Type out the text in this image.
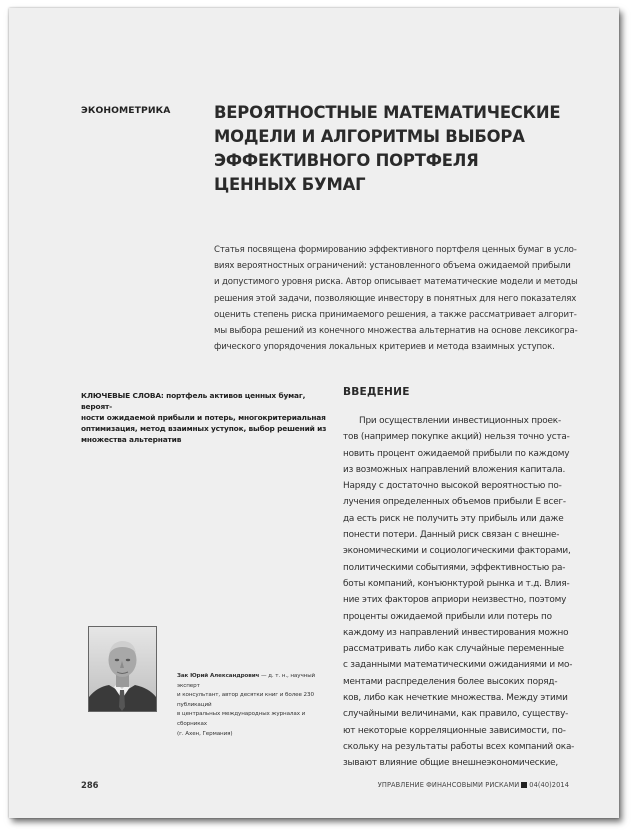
ЭКОНОМЕТРИКА	ВЕРОЯТНОСТНЫЕ МАТЕМАТИЧЕСКИЕ
МОДЕЛИ И АЛГОРИТМЫ ВЫБОРА
ЭФФЕКТИВНОГО ПОРТФЕЛЯ
ЦЕННЫХ БУМАГ
Статья посвящена формированию эффективного портфеля ценных бумаг в усло-
виях вероятностных ограничений: установленного объема ожидаемой прибыли
и допустимого уровня риска. Автор описывает математические модели и методы
решения этой задачи, позволяющие инвестору в понятных для него показателях
оценить степень риска принимаемого решения, а также рассматривает алгорит-
мы выбора решений из конечного множества альтернатив на основе лексикогра-
фического упорядочения локальных критериев и метода взаимных уступок.
КЛЮЧЕВЫЕ СЛОВА: портфель активов ценных бумаг, вероят-
ности ожидаемой прибыли и потерь, многокритериальная
оптимизация, метод взаимных уступок, выбор решений из
множества альтернатив
ВВЕДЕНИЕ
При осуществлении инвестиционных проек-
тов (например покупке акций) нельзя точно уста-
новить процент ожидаемой прибыли по каждому
из возможных направлений вложения капитала.
Наряду с достаточно высокой вероятностью по-
лучения определенных объемов прибыли E всег-
да есть риск не получить эту прибыль или даже
понести потери. Данный риск связан с внешне-
экономическими и социологическими факторами,
политическими событиями, эффективностью ра-
боты компаний, конъюнктурой рынка и т.д. Влия-
ние этих факторов априори неизвестно, поэтому
проценты ожидаемой прибыли или потерь по
каждому из направлений инвестирования можно
рассматривать либо как случайные переменные
с заданными математическими ожиданиями и мо-
ментами распределения более высоких поряд-
ков, либо как нечеткие множества. Между этими
случайными величинами, как правило, существу-
ют некоторые корреляционные зависимости, по-
скольку на результаты работы всех компаний ока-
зывают влияние общие внешнеэкономические,
Зак Юрий Александрович — д. т. н., научный эксперт
и консультант, автор десятки книг и более 230 публикаций
в центральных международных журналах и сборниках
(г. Ахен, Германия)
286	УПРАВЛЕНИЕ ФИНАНСОВЫМИ РИСКАМИ 04(40)2014
